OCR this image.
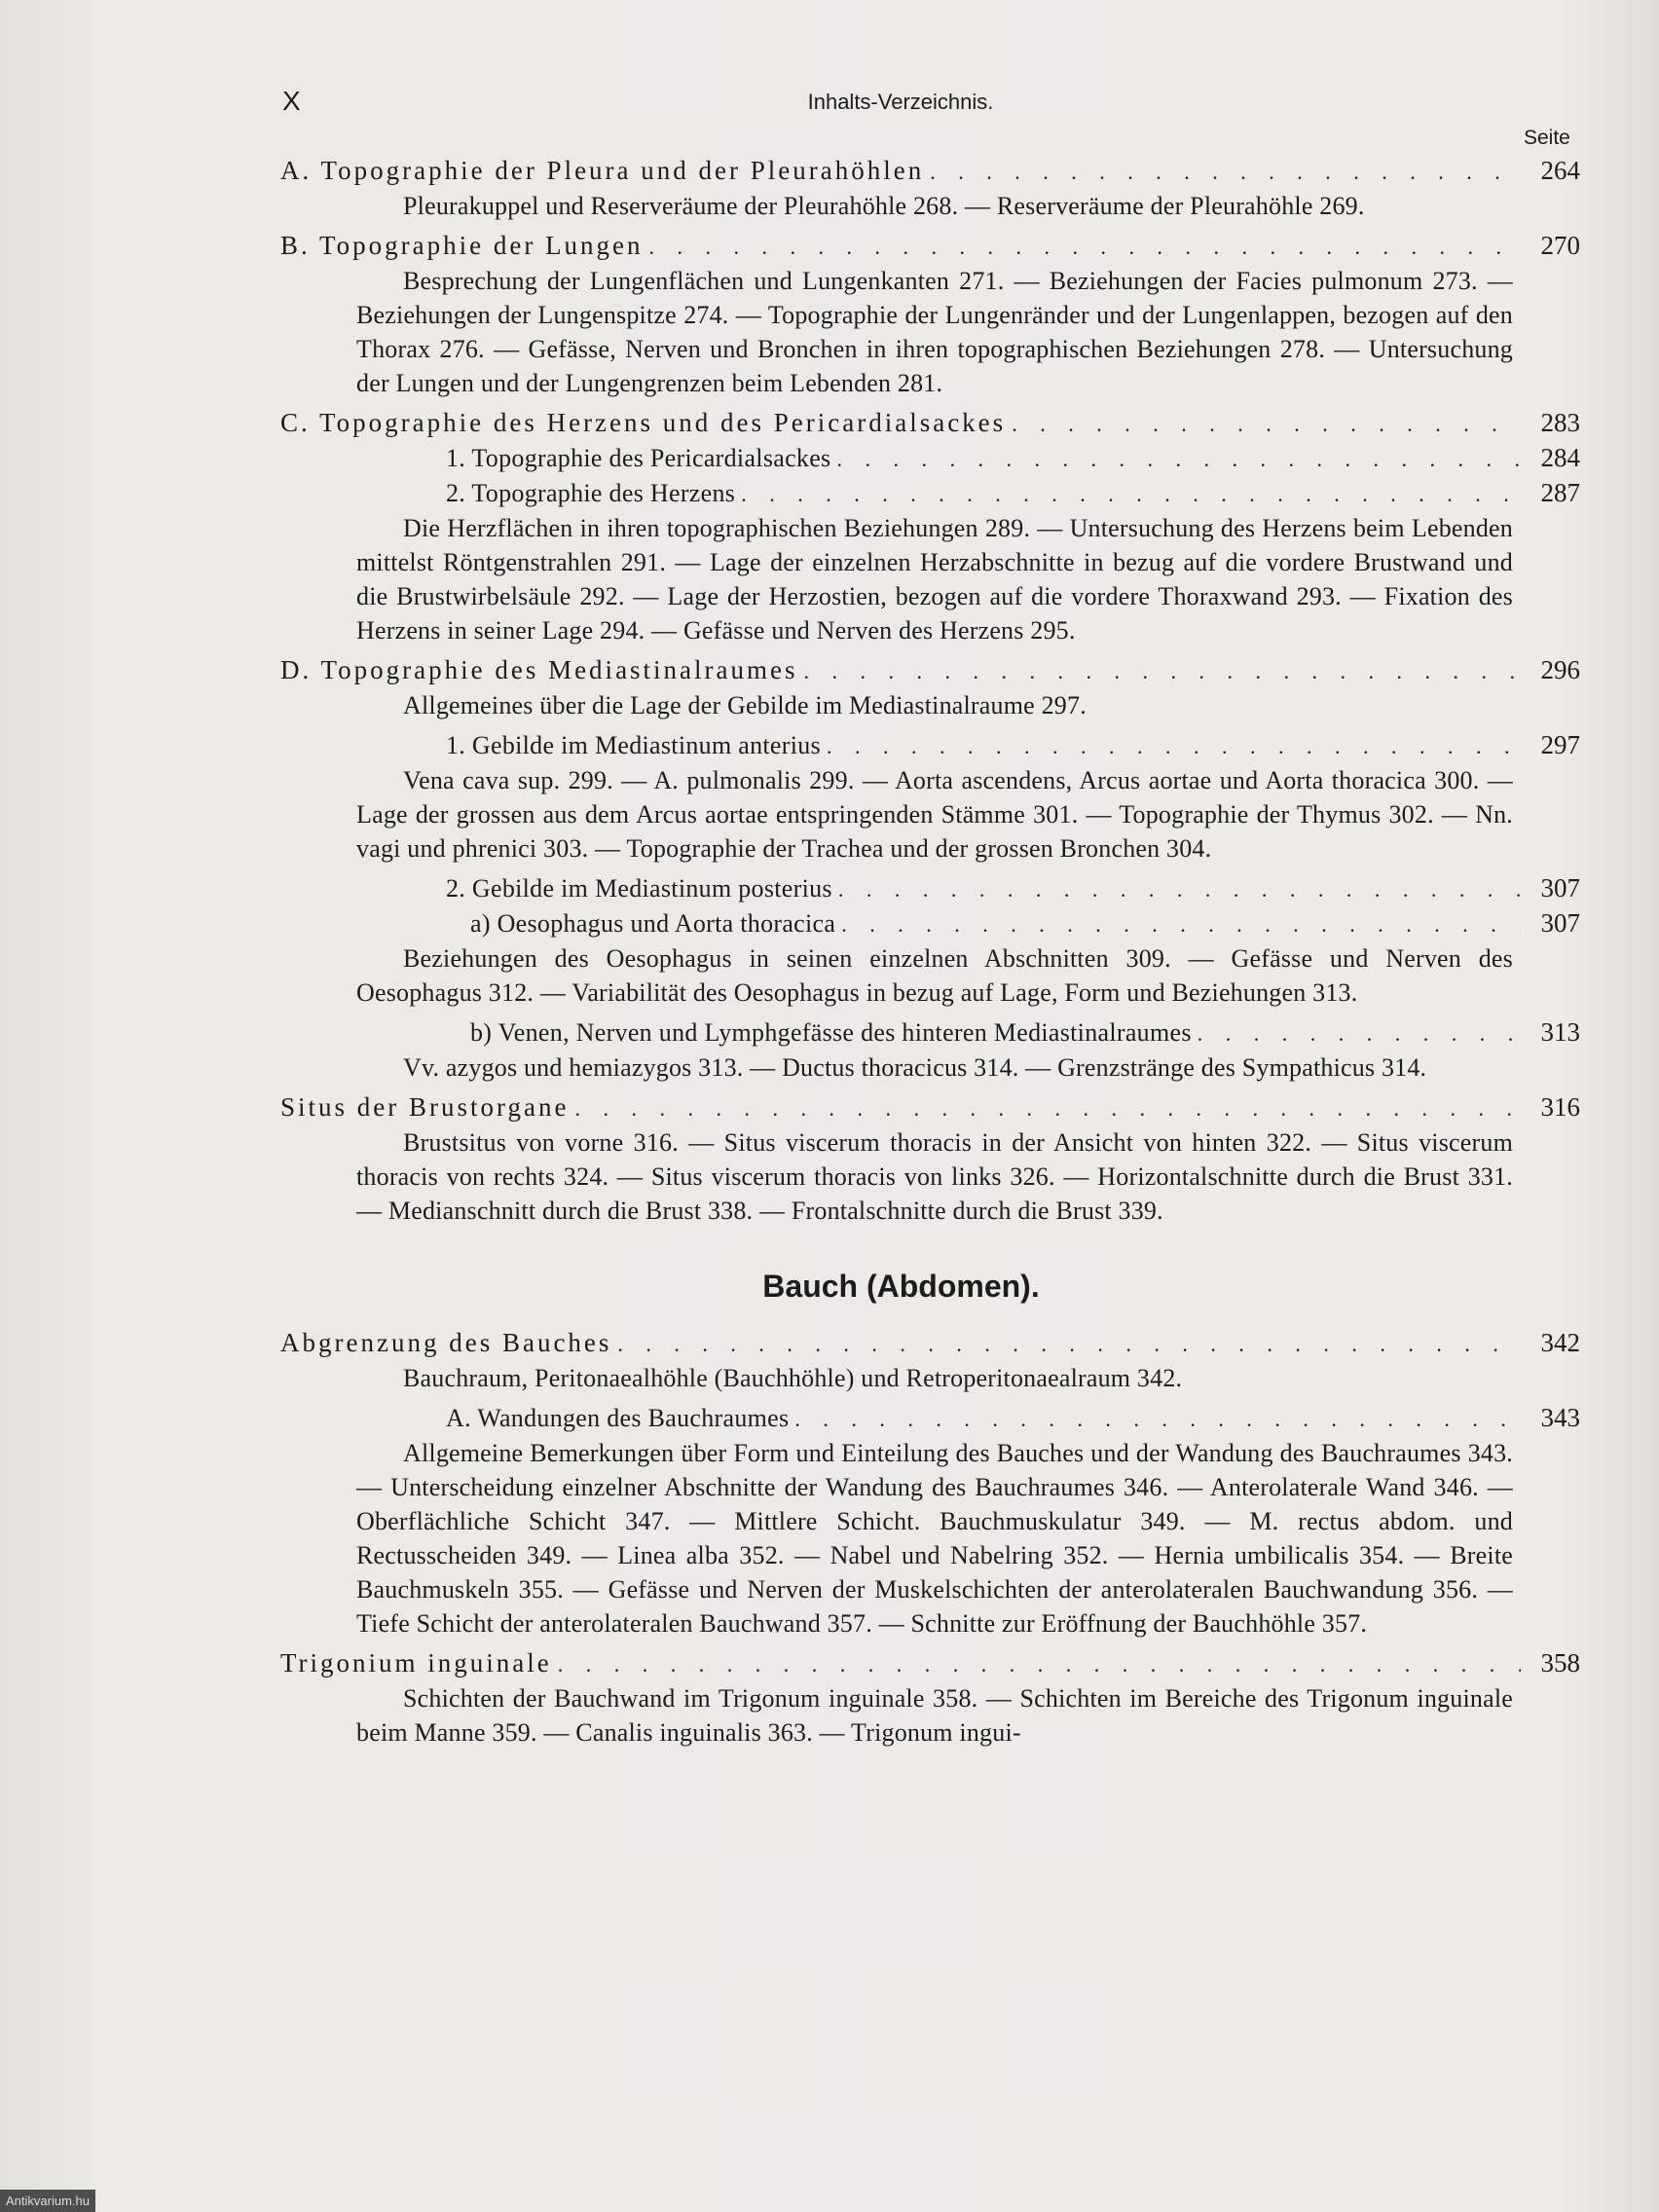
X	Inhalts-Verzeichnis.
Seite
A. Topographie der Pleura und der Pleurahöhlen . . .	264
Pleurakuppel und Reserveräume der Pleurahöhle 268. — Reserveräume der Pleurahöhle 269.
B. Topographie der Lungen . . .	270
Besprechung der Lungenflächen und Lungenkanten 271. — Beziehungen der Facies pulmonum 273. — Beziehungen der Lungenspitze 274. — Topographie der Lungenränder und der Lungenlappen, bezogen auf den Thorax 276. — Gefässe, Nerven und Bronchen in ihren topographischen Beziehungen 278. — Untersuchung der Lungen und der Lungengrenzen beim Lebenden 281.
C. Topographie des Herzens und des Pericardialsackes . . .	283
1. Topographie des Pericardialsackes . . .	284
2. Topographie des Herzens . . .	287
Die Herzflächen in ihren topographischen Beziehungen 289. — Untersuchung des Herzens beim Lebenden mittelst Röntgenstrahlen 291. — Lage der einzelnen Herzabschnitte in bezug auf die vordere Brustwand und die Brustwirbelsäule 292. — Lage der Herzostien, bezogen auf die vordere Thoraxwand 293. — Fixation des Herzens in seiner Lage 294. — Gefässe und Nerven des Herzens 295.
D. Topographie des Mediastinalraumes . . .	296
Allgemeines über die Lage der Gebilde im Mediastinalraume 297.
1. Gebilde im Mediastinum anterius . . .	297
Vena cava sup. 299. — A. pulmonalis 299. — Aorta ascendens, Arcus aortae und Aorta thoracica 300. — Lage der grossen aus dem Arcus aortae entspringenden Stämme 301. — Topographie der Thymus 302. — Nn. vagi und phrenici 303. — Topographie der Trachea und der grossen Bronchen 304.
2. Gebilde im Mediastinum posterius . . .	307
a) Oesophagus und Aorta thoracica . . .	307
Beziehungen des Oesophagus in seinen einzelnen Abschnitten 309. — Gefässe und Nerven des Oesophagus 312. — Variabilität des Oesophagus in bezug auf Lage, Form und Beziehungen 313.
b) Venen, Nerven und Lymphgefässe des hinteren Mediastinalraumes . . .	313
Vv. azygos und hemiazygos 313. — Ductus thoracicus 314. — Grenzstränge des Sympathicus 314.
Situs der Brustorgane . . .	316
Brustsitus von vorne 316. — Situs viscerum thoracis in der Ansicht von hinten 322. — Situs viscerum thoracis von rechts 324. — Situs viscerum thoracis von links 326. — Horizontalschnitte durch die Brust 331. — Medianschnitt durch die Brust 338. — Frontalschnitte durch die Brust 339.
Bauch (Abdomen).
Abgrenzung des Bauches . . .	342
Bauchraum, Peritonaealhöhle (Bauchhöhle) und Retroperitonaealraum 342.
A. Wandungen des Bauchraumes . . .	343
Allgemeine Bemerkungen über Form und Einteilung des Bauches und der Wandung des Bauchraumes 343. — Unterscheidung einzelner Abschnitte der Wandung des Bauchraumes 346. — Anterolaterale Wand 346. — Oberflächliche Schicht 347. — Mittlere Schicht. Bauchmuskulatur 349. — M. rectus abdom. und Rectusscheiden 349. — Linea alba 352. — Nabel und Nabelring 352. — Hernia umbilicalis 354. — Breite Bauchmuskeln 355. — Gefässe und Nerven der Muskelschichten der anterolateralen Bauchwandung 356. — Tiefe Schicht der anterolateralen Bauchwand 357. — Schnitte zur Eröffnung der Bauchhöhle 357.
Trigonium inguinale . . .	358
Schichten der Bauchwand im Trigonum inguinale 358. — Schichten im Bereiche des Trigonum inguinale beim Manne 359. — Canalis inguinalis 363. — Trigonum ingui-
Antikvarium.hu
